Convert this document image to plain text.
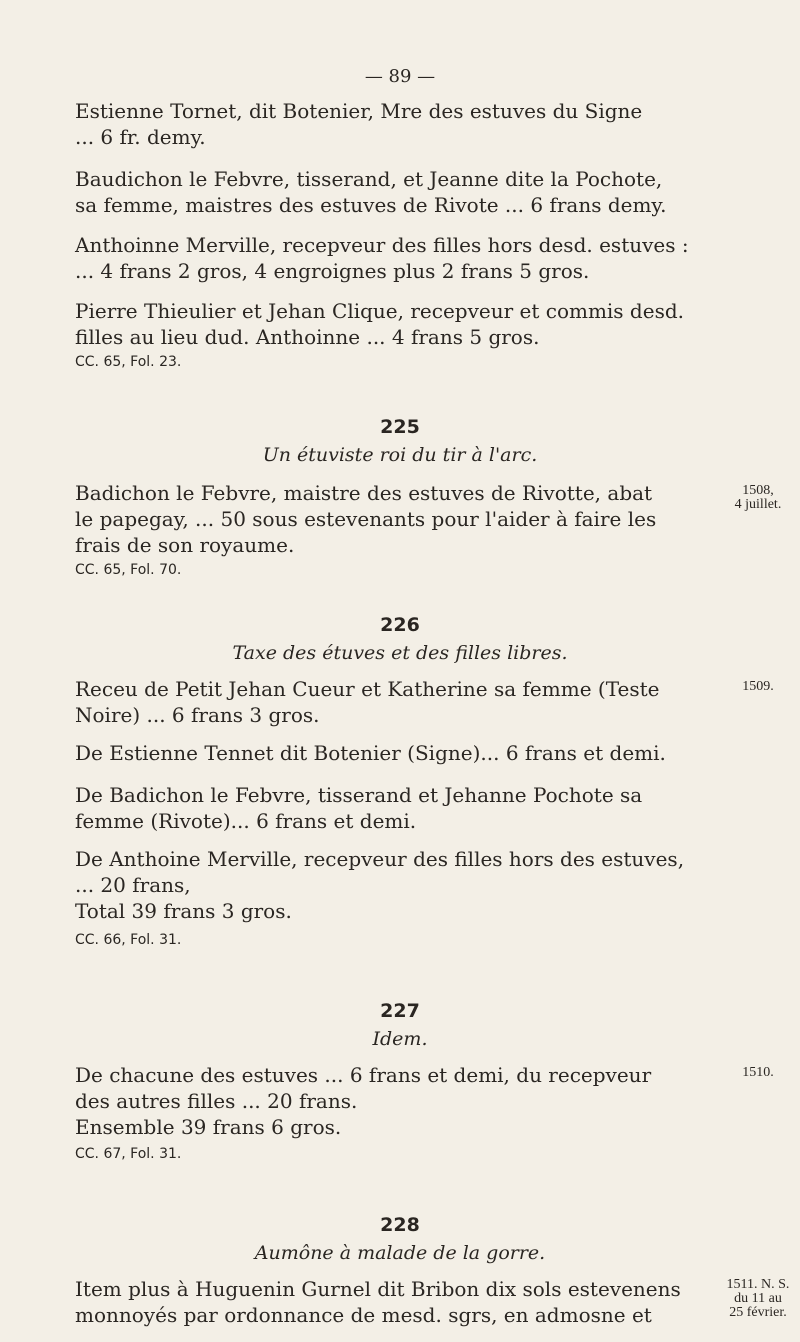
— 89 —

Estienne Tornet, dit Botenier, Mre des estuves du Signe

... 6 fr. demy.

Baudichon le Febvre, tisserand, et Jeanne dite la Pochote,

sa femme, maistres des estuves de Rivote ... 6 frans demy.

Anthoinne Merville, recepveur des filles hors desd. estuves :

... 4 frans 2 gros, 4 engroignes plus 2 frans 5 gros.

Pierre Thieulier et Jehan Clique, recepveur et commis desd.

filles au lieu dud. Anthoinne ... 4 frans 5 gros.

CC. 65, Fol. 23.
225
Un étuviste roi du tir à l'arc.
1508,
4 juillet.

Badichon le Febvre, maistre des estuves de Rivotte, abat

le papegay, ... 50 sous estevenants pour l'aider à faire les

frais de son royaume.

CC. 65, Fol. 70.
226
Taxe des étuves et des filles libres.
1509.

Receu de Petit Jehan Cueur et Katherine sa femme (Teste

Noire) ... 6 frans 3 gros.

De Estienne Tennet dit Botenier (Signe)... 6 frans et demi.

De Badichon le Febvre, tisserand et Jehanne Pochote sa

femme (Rivote)... 6 frans et demi.

De Anthoine Merville, recepveur des filles hors des estuves,

... 20 frans,

Total 39 frans 3 gros.

CC. 66, Fol. 31.
227
Idem.
1510.

De chacune des estuves ... 6 frans et demi, du recepveur

des autres filles ... 20 frans.

Ensemble 39 frans 6 gros.

CC. 67, Fol. 31.
228
Aumône à malade de la gorre.
1511. N. S.
du 11 au
25 février.

Item plus à Huguenin Gurnel dit Bribon dix sols estevenens

monnoyés par ordonnance de mesd. sgrs, en admosne et
